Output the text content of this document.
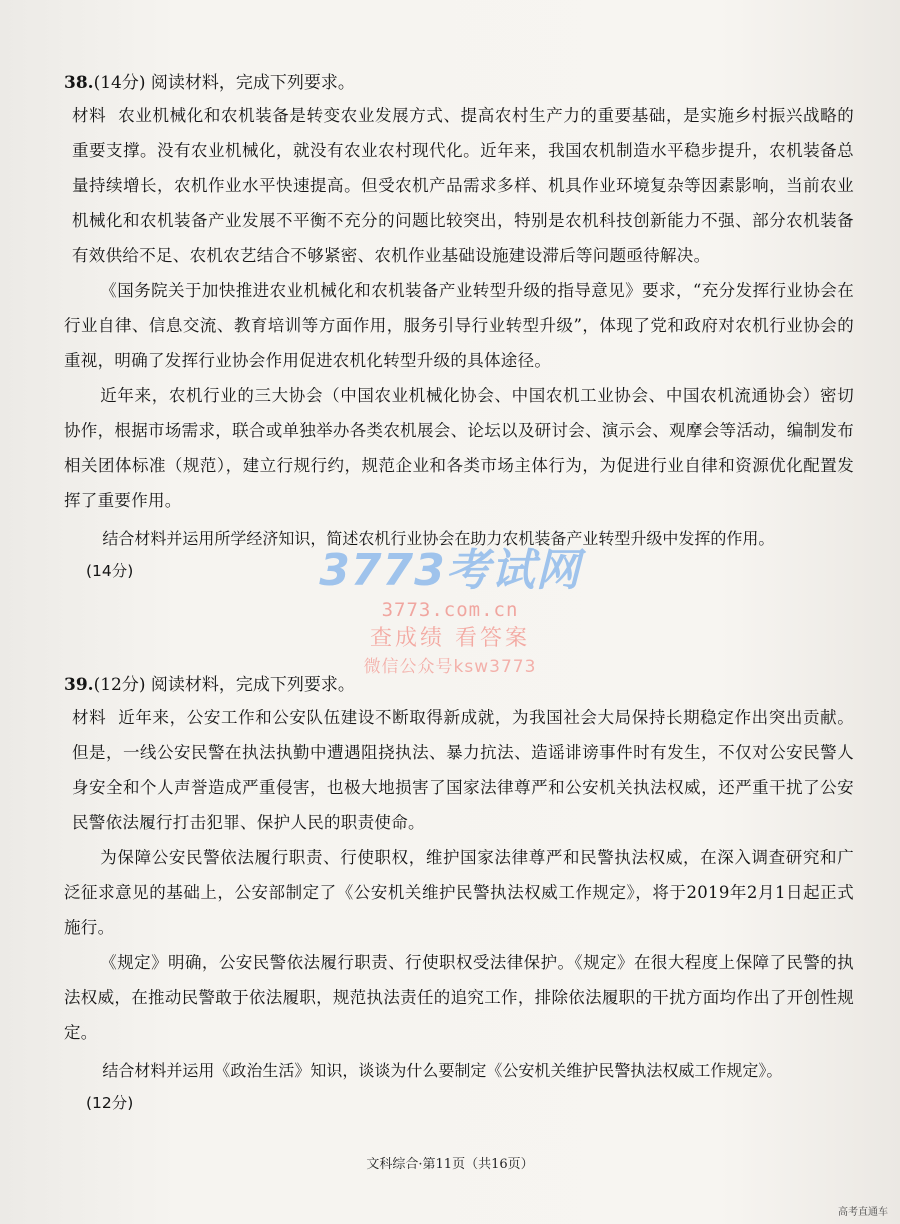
38.(14分) 阅读材料，完成下列要求。

材料 农业机械化和农机装备是转变农业发展方式、提高农村生产力的重要基础，是实施乡村振兴战略的重要支撑。没有农业机械化，就没有农业农村现代化。近年来，我国农机制造水平稳步提升，农机装备总量持续增长，农机作业水平快速提高。但受农机产品需求多样、机具作业环境复杂等因素影响，当前农业机械化和农机装备产业发展不平衡不充分的问题比较突出，特别是农机科技创新能力不强、部分农机装备有效供给不足、农机农艺结合不够紧密、农机作业基础设施建设滞后等问题亟待解决。

《国务院关于加快推进农业机械化和农机装备产业转型升级的指导意见》要求，“充分发挥行业协会在行业自律、信息交流、教育培训等方面作用，服务引导行业转型升级”，体现了党和政府对农机行业协会的重视，明确了发挥行业协会作用促进农机化转型升级的具体途径。

近年来，农机行业的三大协会（中国农业机械化协会、中国农机工业协会、中国农机流通协会）密切协作，根据市场需求，联合或单独举办各类农机展会、论坛以及研讨会、演示会、观摩会等活动，编制发布相关团体标准（规范），建立行规行约，规范企业和各类市场主体行为，为促进行业自律和资源优化配置发挥了重要作用。

结合材料并运用所学经济知识，简述农机行业协会在助力农机装备产业转型升级中发挥的作用。

(14分)	3773考试网
3773.com.cn
查成绩 看答案
微信公众号ksw3773

39.(12分) 阅读材料，完成下列要求。

材料 近年来，公安工作和公安队伍建设不断取得新成就，为我国社会大局保持长期稳定作出突出贡献。但是，一线公安民警在执法执勤中遭遇阻挠执法、暴力抗法、造谣诽谤事件时有发生，不仅对公安民警人身安全和个人声誉造成严重侵害，也极大地损害了国家法律尊严和公安机关执法权威，还严重干扰了公安民警依法履行打击犯罪、保护人民的职责使命。

为保障公安民警依法履行职责、行使职权，维护国家法律尊严和民警执法权威，在深入调查研究和广泛征求意见的基础上，公安部制定了《公安机关维护民警执法权威工作规定》，将于2019年2月1日起正式施行。

《规定》明确，公安民警依法履行职责、行使职权受法律保护。《规定》在很大程度上保障了民警的执法权威，在推动民警敢于依法履职，规范执法责任的追究工作，排除依法履职的干扰方面均作出了开创性规定。

结合材料并运用《政治生活》知识，谈谈为什么要制定《公安机关维护民警执法权威工作规定》。

(12分)

文科综合·第11页（共16页）
高考直通车
